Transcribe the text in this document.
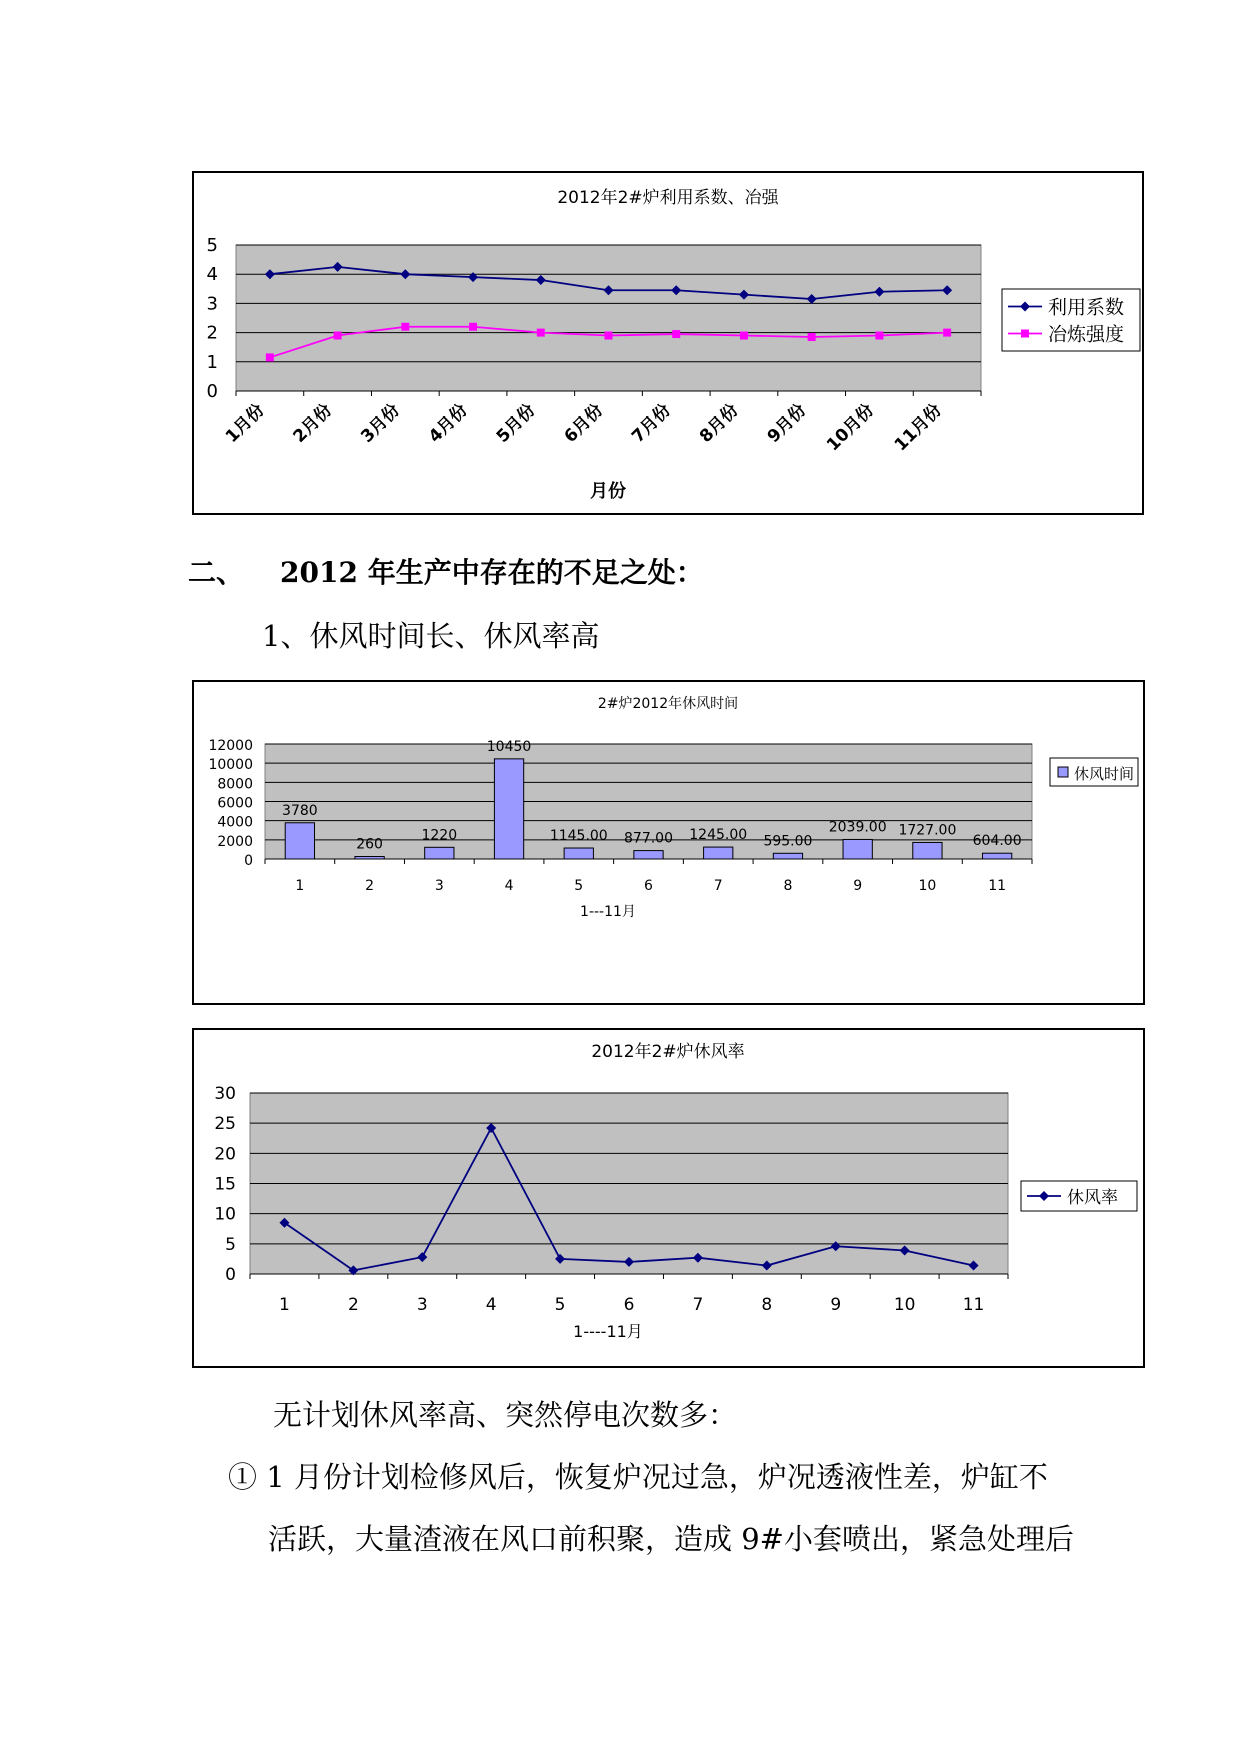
2012年2#炉利用系数、冶强
0
1
2
3
4
5
1月份 2月份 3月份 4月份 5月份 6月份 7月份 8月份 9月份 10月份 11月份
月份
利用系数
冶炼强度
二、 2012 年生产中存在的不足之处：
1、休风时间长、休风率高
2#炉2012年休风时间
0
2000
4000
6000
8000
10000
12000
1	2	3	4	5	6	7	8	9	10	11
1---11月
3780
260
1220
10450
1145.00 877.00 1245.00 595.00
2039.00 1727.00
604.00
休风时间
2012年2#炉休风率
0
5
10
15
20
25
30
1	2	3	4	5	6	7	8	9	10	11
1----11月
休风率
无计划休风率高、突然停电次数多：
① 1 月份计划检修风后，恢复炉况过急，炉况透液性差，炉缸不
活跃，大量渣液在风口前积聚，造成 9#小套喷出，紧急处理后
